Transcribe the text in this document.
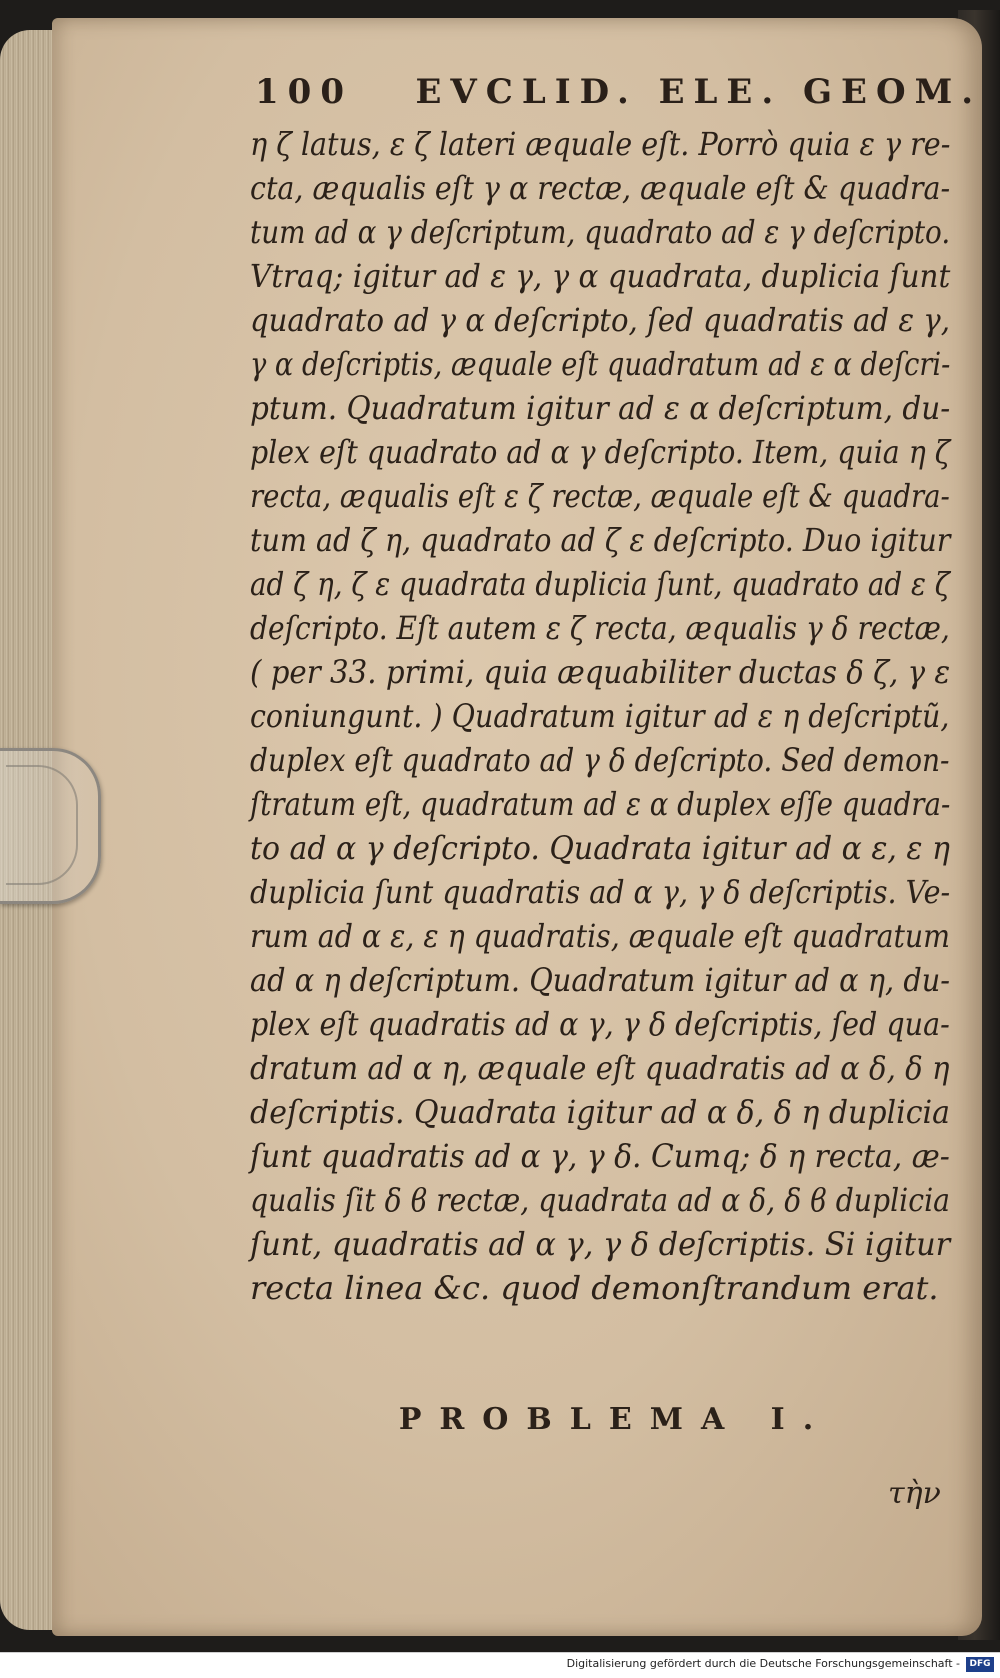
100 EVCLID. ELE. GEOM.
η ζ latus, ε ζ lateri æquale eſt. Porrò quia ε γ re-
cta, æqualis eſt γ α rectæ, æquale eſt & quadra-
tum ad α γ deſcriptum, quadrato ad ε γ deſcripto.
Vtraq; igitur ad ε γ, γ α quadrata, duplicia ſunt
quadrato ad γ α deſcripto, ſed quadratis ad ε γ,
γ α deſcriptis, æquale eſt quadratum ad ε α deſcri-
ptum. Quadratum igitur ad ε α deſcriptum, du-
plex eſt quadrato ad α γ deſcripto. Item, quia η ζ
recta, æqualis eſt ε ζ rectæ, æquale eſt & quadra-
tum ad ζ η, quadrato ad ζ ε deſcripto. Duo igitur
ad ζ η, ζ ε quadrata duplicia ſunt, quadrato ad ε ζ
deſcripto. Eſt autem ε ζ recta, æqualis γ δ rectæ,
( per 33. primi, quia æquabiliter ductas δ ζ, γ ε
coniungunt. ) Quadratum igitur ad ε η deſcriptũ,
duplex eſt quadrato ad γ δ deſcripto. Sed demon-
ſtratum eſt, quadratum ad ε α duplex eſſe quadra-
to ad α γ deſcripto. Quadrata igitur ad α ε, ε η
duplicia ſunt quadratis ad α γ, γ δ deſcriptis. Ve-
rum ad α ε, ε η quadratis, æquale eſt quadratum
ad α η deſcriptum. Quadratum igitur ad α η, du-
plex eſt quadratis ad α γ, γ δ deſcriptis, ſed qua-
dratum ad α η, æquale eſt quadratis ad α δ, δ η
deſcriptis. Quadrata igitur ad α δ, δ η duplicia
ſunt quadratis ad α γ, γ δ. Cumq; δ η recta, æ-
qualis ſit δ ϐ rectæ, quadrata ad α δ, δ ϐ duplicia
ſunt, quadratis ad α γ, γ δ deſcriptis. Si igitur
recta linea &c. quod demonſtrandum erat.
PROBLEMA I.
τὴν
Digitalisierung gefördert durch die Deutsche Forschungsgemeinschaft -	DFG
